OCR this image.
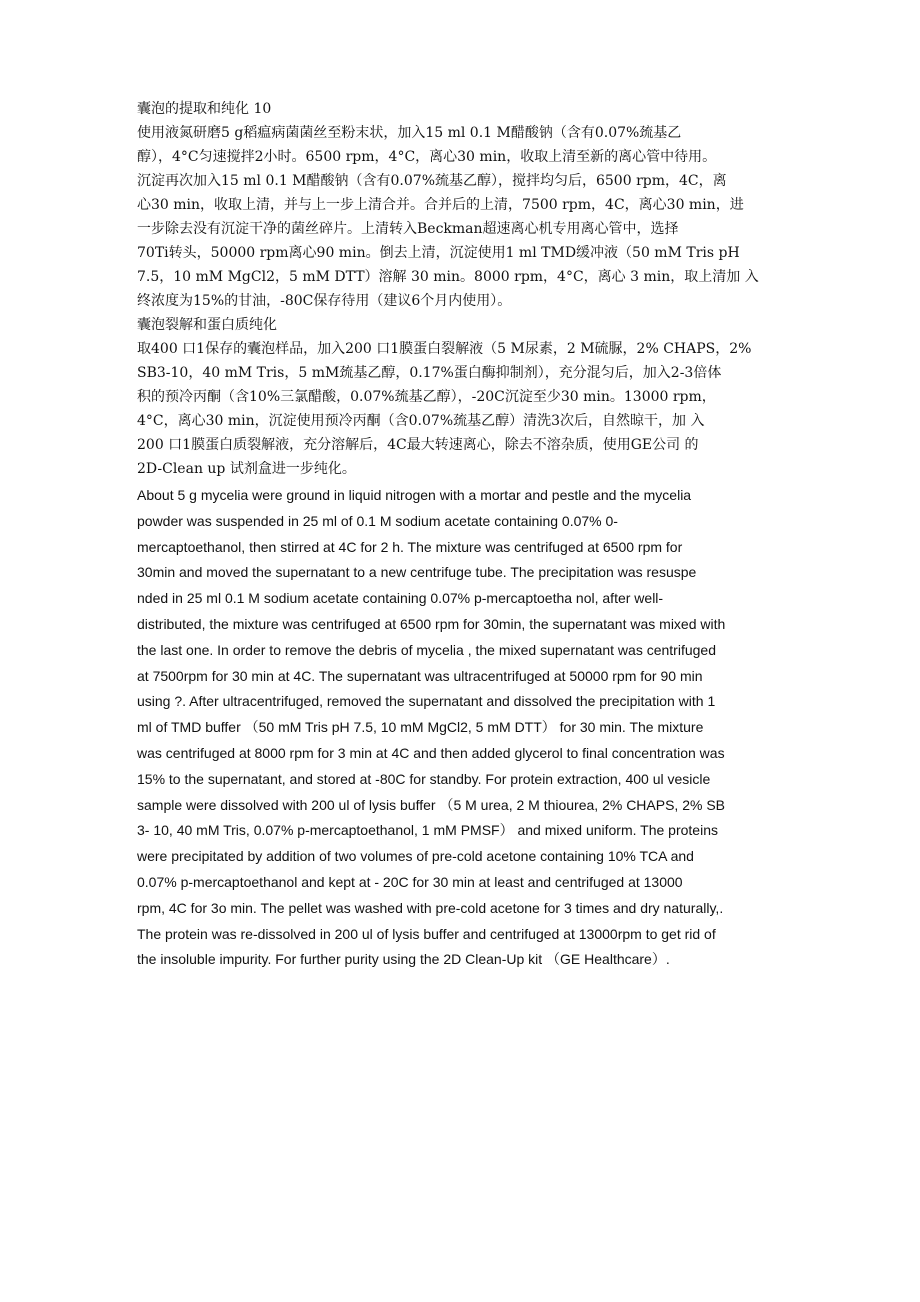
囊泡的提取和纯化 10
使用液氮研磨5 g稻瘟病菌菌丝至粉末状，加入15 ml 0.1 M醋酸钠（含有0.07%巯基乙
醇），4°C匀速搅拌2小时。6500 rpm，4°C，离心30 min，收取上清至新的离心管中待用。
沉淀再次加入15 ml 0.1 M醋酸钠（含有0.07%巯基乙醇），搅拌均匀后，6500 rpm，4C，离
心30 min，收取上清，并与上一步上清合并。合并后的上清，7500 rpm，4C，离心30 min，进
一步除去没有沉淀干净的菌丝碎片。上清转入Beckman超速离心机专用离心管中，选择
70Ti转头，50000 rpm离心90 min。倒去上清，沉淀使用1 ml TMD缓冲液（50 mM Tris pH
7.5，10 mM MgCl2，5 mM DTT）溶解 30 min。8000 rpm，4°C，离心 3 min，取上清加 入
终浓度为15%的甘油，-80C保存待用（建议6个月内使用）。
囊泡裂解和蛋白质纯化
取400 口1保存的囊泡样品，加入200 口1膜蛋白裂解液（5 M尿素，2 M硫脲，2% CHAPS，2%
SB3-10，40 mM Tris，5 mM巯基乙醇，0.17%蛋白酶抑制剂），充分混匀后，加入2-3倍体
积的预冷丙酮（含10%三氯醋酸，0.07%巯基乙醇），-20C沉淀至少30 min。13000 rpm，
4°C，离心30 min，沉淀使用预冷丙酮（含0.07%巯基乙醇）清洗3次后，自然晾干，加 入
200 口1膜蛋白质裂解液，充分溶解后，4C最大转速离心，除去不溶杂质，使用GE公司 的
2D-Clean up 试剂盒进一步纯化。
About 5 g mycelia were ground in liquid nitrogen with a mortar and pestle and the mycelia
powder was suspended in 25 ml of 0.1 M sodium acetate containing 0.07% 0-
mercaptoethanol, then stirred at 4C for 2 h. The mixture was centrifuged at 6500 rpm for
30min and moved the supernatant to a new centrifuge tube. The precipitation was resuspe
nded in 25 ml 0.1 M sodium acetate containing 0.07% p-mercaptoetha nol, after well-
distributed, the mixture was centrifuged at 6500 rpm for 30min, the supernatant was mixed with
the last one. In order to remove the debris of mycelia , the mixed supernatant was centrifuged
at 7500rpm for 30 min at 4C. The supernatant was ultracentrifuged at 50000 rpm for 90 min
using ?. After ultracentrifuged, removed the supernatant and dissolved the precipitation with 1
ml of TMD buffer （50 mM Tris pH 7.5, 10 mM MgCl2, 5 mM DTT） for 30 min. The mixture
was centrifuged at 8000 rpm for 3 min at 4C and then added glycerol to final concentration was
15% to the supernatant, and stored at -80C for standby. For protein extraction, 400 ul vesicle
sample were dissolved with 200 ul of lysis buffer （5 M urea, 2 M thiourea, 2% CHAPS, 2% SB
3- 10, 40 mM Tris, 0.07% p-mercaptoethanol, 1 mM PMSF） and mixed uniform. The proteins
were precipitated by addition of two volumes of pre-cold acetone containing 10% TCA and
0.07% p-mercaptoethanol and kept at - 20C for 30 min at least and centrifuged at 13000
rpm, 4C for 3o min. The pellet was washed with pre-cold acetone for 3 times and dry naturally,.
The protein was re-dissolved in 200 ul of lysis buffer and centrifuged at 13000rpm to get rid of
the insoluble impurity. For further purity using the 2D Clean-Up kit （GE Healthcare）.
